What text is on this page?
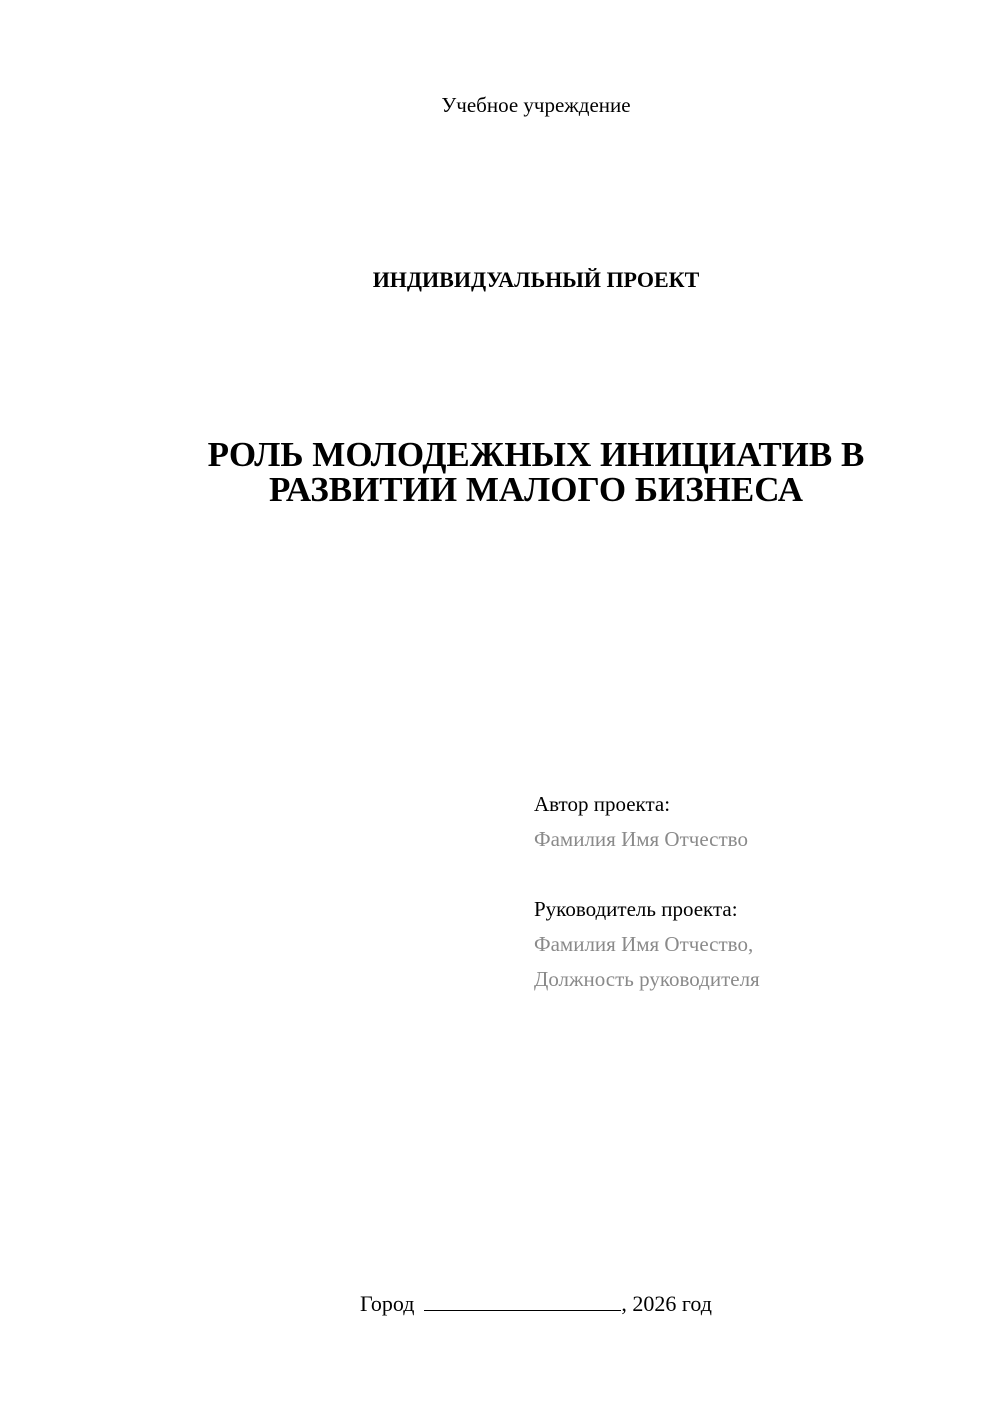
Учебное учреждение
ИНДИВИДУАЛЬНЫЙ ПРОЕКТ
РОЛЬ МОЛОДЕЖНЫХ ИНИЦИАТИВ В
РАЗВИТИИ МАЛОГО БИЗНЕСА
Автор проекта:
Фамилия Имя Отчество
Руководитель проекта:
Фамилия Имя Отчество,
Должность руководителя
Город	, 2026 год
